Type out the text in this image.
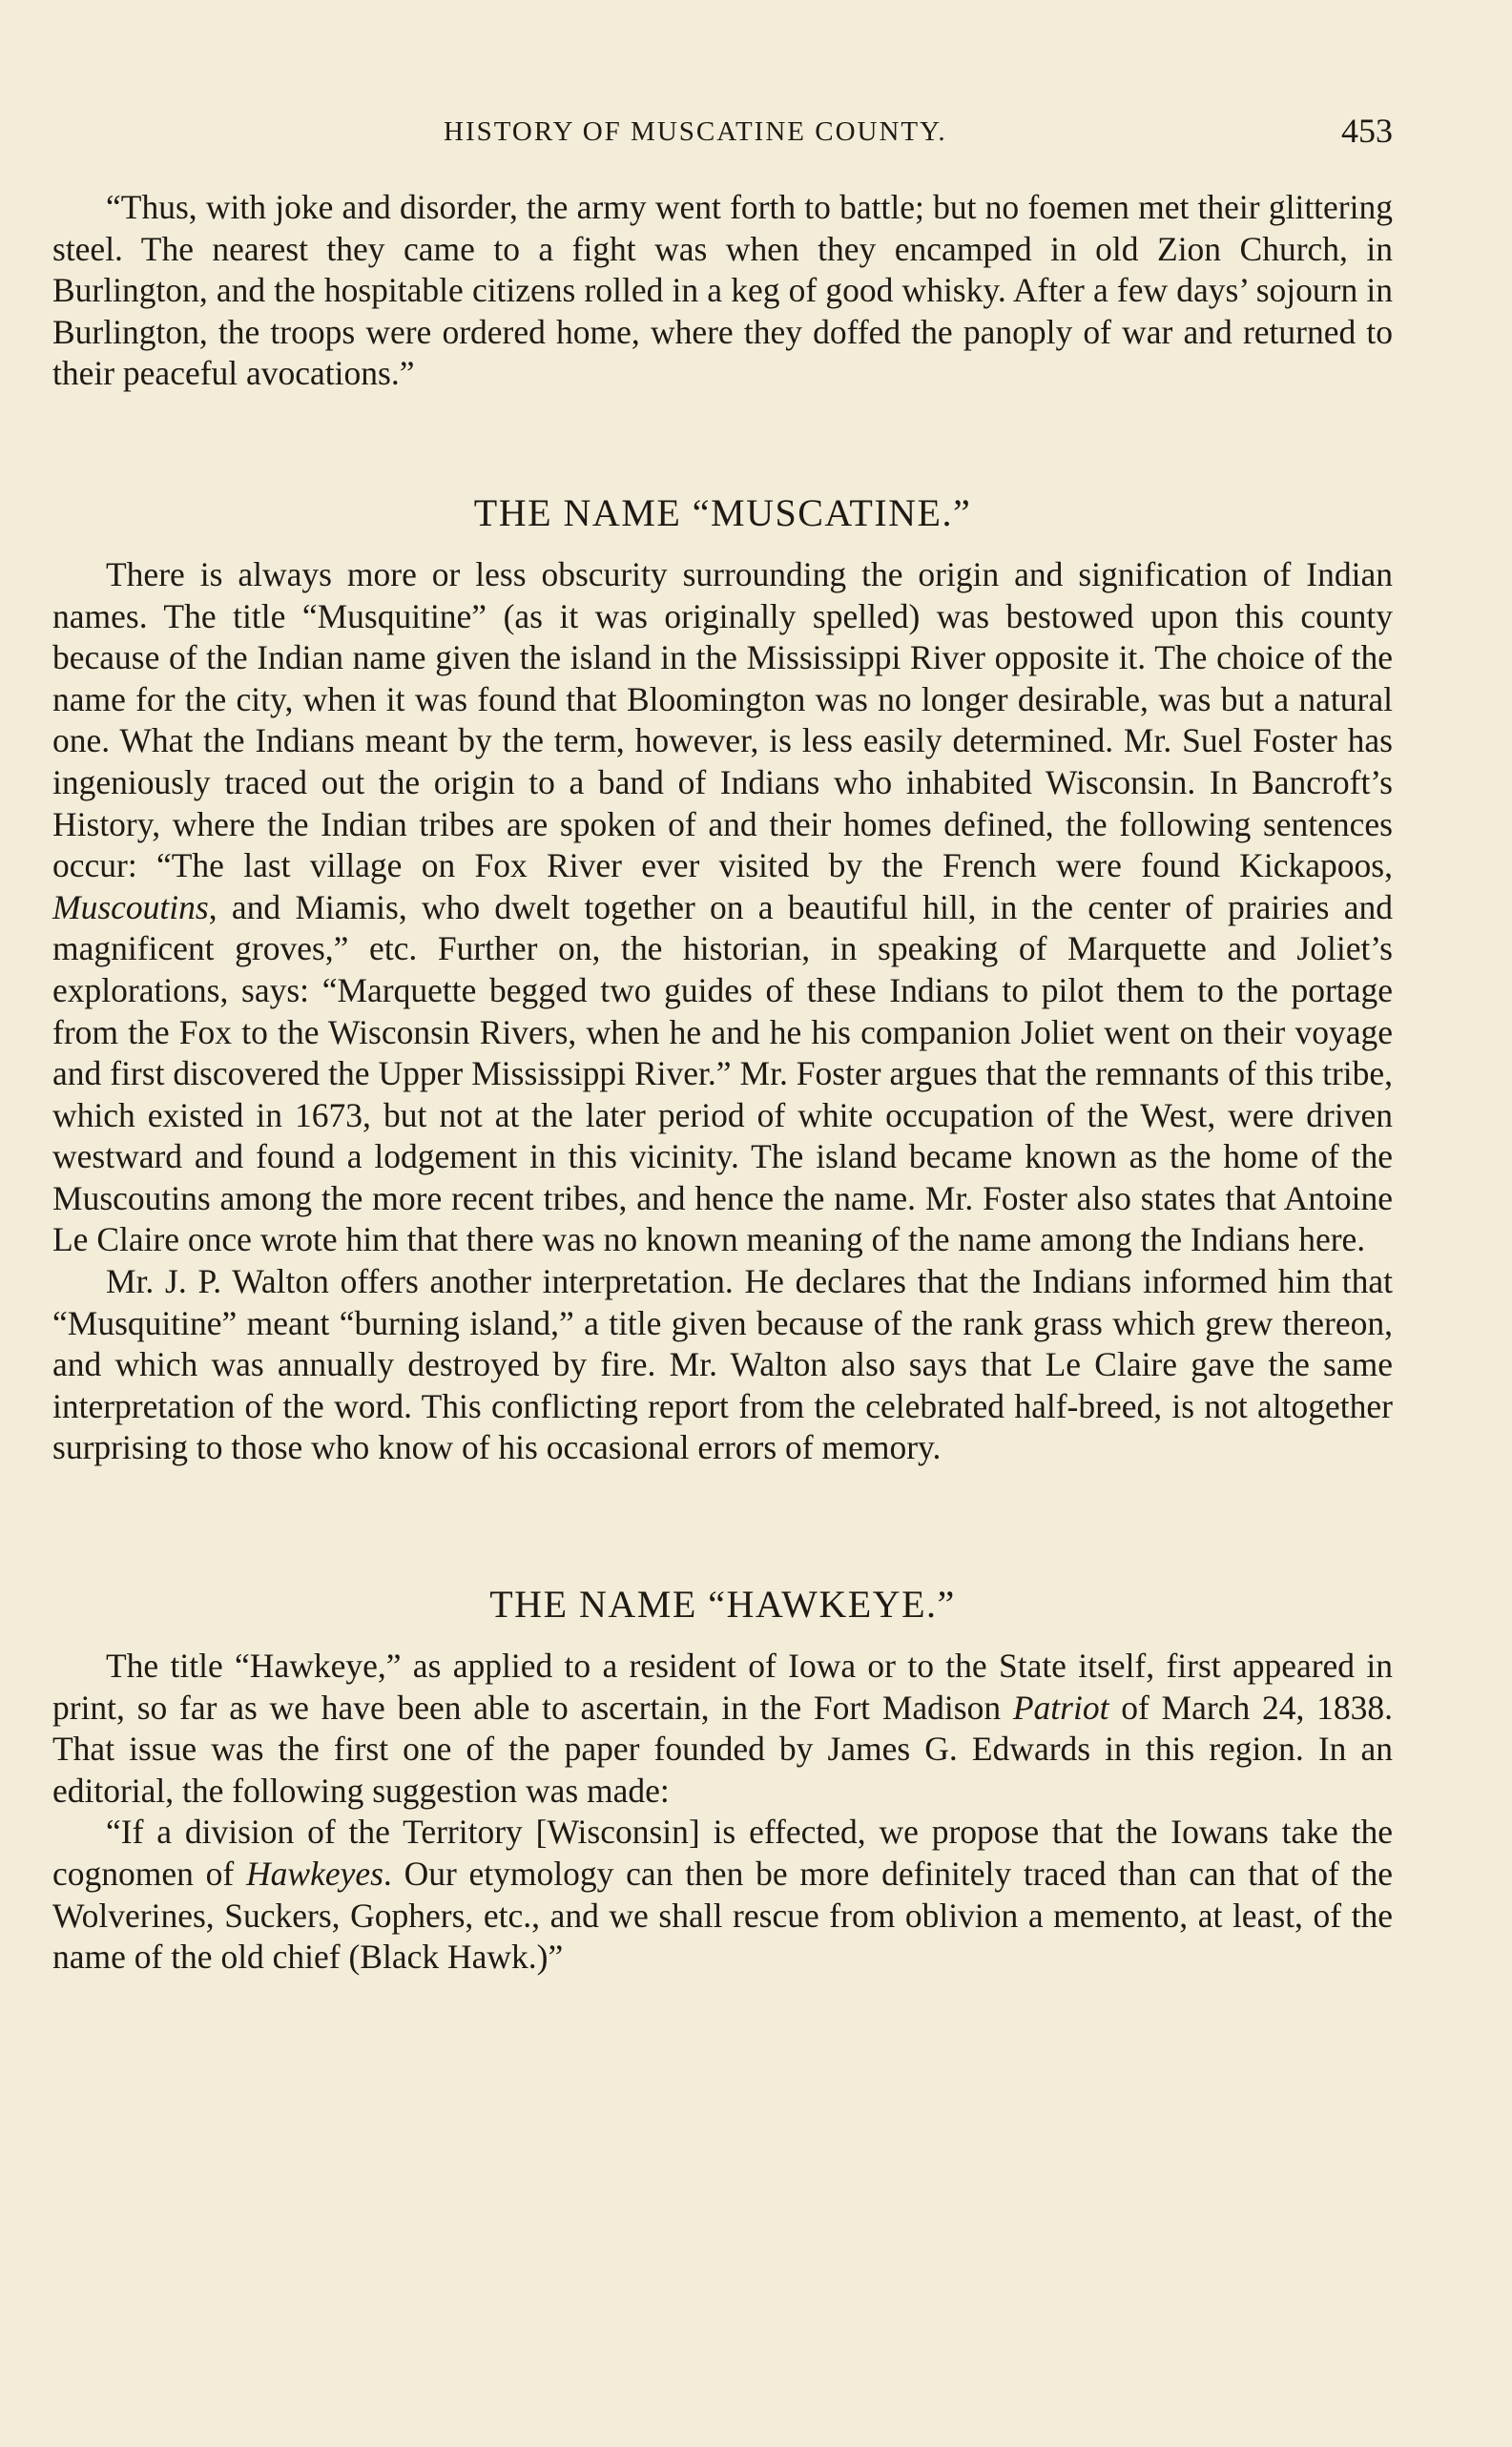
HISTORY OF MUSCATINE COUNTY.	453

“Thus, with joke and disorder, the army went forth to battle; but no foemen met their glittering steel. The nearest they came to a fight was when they encamped in old Zion Church, in Burlington, and the hospitable citizens rolled in a keg of good whisky. After a few days’ sojourn in Burlington, the troops were ordered home, where they doffed the panoply of war and returned to their peaceful avocations.”

THE NAME “MUSCATINE.”

There is always more or less obscurity surrounding the origin and signification of Indian names. The title “Musquitine” (as it was originally spelled) was bestowed upon this county because of the Indian name given the island in the Mississippi River opposite it. The choice of the name for the city, when it was found that Bloomington was no longer desirable, was but a natural one. What the Indians meant by the term, however, is less easily determined. Mr. Suel Foster has ingeniously traced out the origin to a band of Indians who inhabited Wisconsin. In Bancroft’s History, where the Indian tribes are spoken of and their homes defined, the following sentences occur: “The last village on Fox River ever visited by the French were found Kickapoos, Muscoutins, and Miamis, who dwelt together on a beautiful hill, in the center of prairies and magnificent groves,” etc. Further on, the historian, in speaking of Marquette and Joliet’s explorations, says: “Marquette begged two guides of these Indians to pilot them to the portage from the Fox to the Wisconsin Rivers, when he and he his companion Joliet went on their voyage and first discovered the Upper Mississippi River.” Mr. Foster argues that the remnants of this tribe, which existed in 1673, but not at the later period of white occupation of the West, were driven westward and found a lodgement in this vicinity. The island became known as the home of the Muscoutins among the more recent tribes, and hence the name. Mr. Foster also states that Antoine Le Claire once wrote him that there was no known meaning of the name among the Indians here.

Mr. J. P. Walton offers another interpretation. He declares that the Indians informed him that “Musquitine” meant “burning island,” a title given because of the rank grass which grew thereon, and which was annually destroyed by fire. Mr. Walton also says that Le Claire gave the same interpretation of the word. This conflicting report from the celebrated half-breed, is not altogether surprising to those who know of his occasional errors of memory.

THE NAME “HAWKEYE.”

The title “Hawkeye,” as applied to a resident of Iowa or to the State itself, first appeared in print, so far as we have been able to ascertain, in the Fort Madison Patriot of March 24, 1838. That issue was the first one of the paper founded by James G. Edwards in this region. In an editorial, the following suggestion was made:

“If a division of the Territory [Wisconsin] is effected, we propose that the Iowans take the cognomen of Hawkeyes. Our etymology can then be more definitely traced than can that of the Wolverines, Suckers, Gophers, etc., and we shall rescue from oblivion a memento, at least, of the name of the old chief (Black Hawk.)”
